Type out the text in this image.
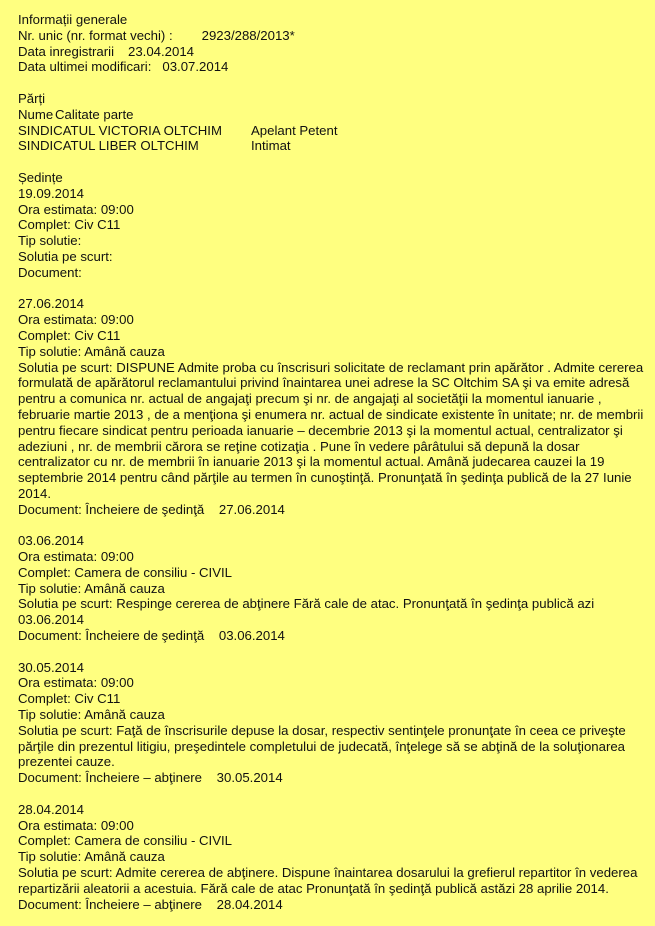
Informații generale
Nr. unic (nr. format vechi) : 2923/288/2013*
Data inregistrarii 23.04.2014
Data ultimei modificari: 03.07.2014
Părți
Nume Calitate parte
SINDICATUL VICTORIA OLTCHIM	Apelant Petent
SINDICATUL LIBER OLTCHIM	Intimat
Ședințe
19.09.2014
Ora estimata: 09:00
Complet: Civ C11
Tip solutie:
Solutia pe scurt:
Document:
27.06.2014
Ora estimata: 09:00
Complet: Civ C11
Tip solutie: Amână cauza
Solutia pe scurt: DISPUNE Admite proba cu înscrisuri solicitate de reclamant prin apărător . Admite cererea formulată de apărătorul reclamantului privind înaintarea unei adrese la SC Oltchim SA şi va emite adresă pentru a comunica nr. actual de angajaţi precum şi nr. de angajaţi al societăţii la momentul ianuarie , februarie martie 2013 , de a menţiona şi enumera nr. actual de sindicate existente în unitate; nr. de membrii pentru fiecare sindicat pentru perioada ianuarie – decembrie 2013 şi la momentul actual, centralizator şi adeziuni , nr. de membrii cărora se reţine cotizaţia . Pune în vedere pârâtului să depună la dosar centralizator cu nr. de membrii în ianuarie 2013 şi la momentul actual. Amână judecarea cauzei la 19 septembrie 2014 pentru când părţile au termen în cunoştinţă. Pronunţată în şedinţa publică de la 27 Iunie 2014.
Document: Încheiere de şedinţă    27.06.2014
03.06.2014
Ora estimata: 09:00
Complet: Camera de consiliu - CIVIL
Tip solutie: Amână cauza
Solutia pe scurt: Respinge cererea de abţinere Fără cale de atac. Pronunţată în şedinţa publică azi 03.06.2014
Document: Încheiere de şedinţă    03.06.2014
30.05.2014
Ora estimata: 09:00
Complet: Civ C11
Tip solutie: Amână cauza
Solutia pe scurt: Faţă de înscrisurile depuse la dosar, respectiv sentinţele pronunţate în ceea ce priveşte părţile din prezentul litigiu, preşedintele completului de judecată, înţelege să se abţină de la soluţionarea prezentei cauze.
Document: Încheiere – abţinere    30.05.2014
28.04.2014
Ora estimata: 09:00
Complet: Camera de consiliu - CIVIL
Tip solutie: Amână cauza
Solutia pe scurt: Admite cererea de abţinere. Dispune înaintarea dosarului la grefierul repartitor în vederea repartizării aleatorii a acestuia. Fără cale de atac Pronunţată în şedinţă publică astăzi 28 aprilie 2014.
Document: Încheiere – abţinere    28.04.2014
